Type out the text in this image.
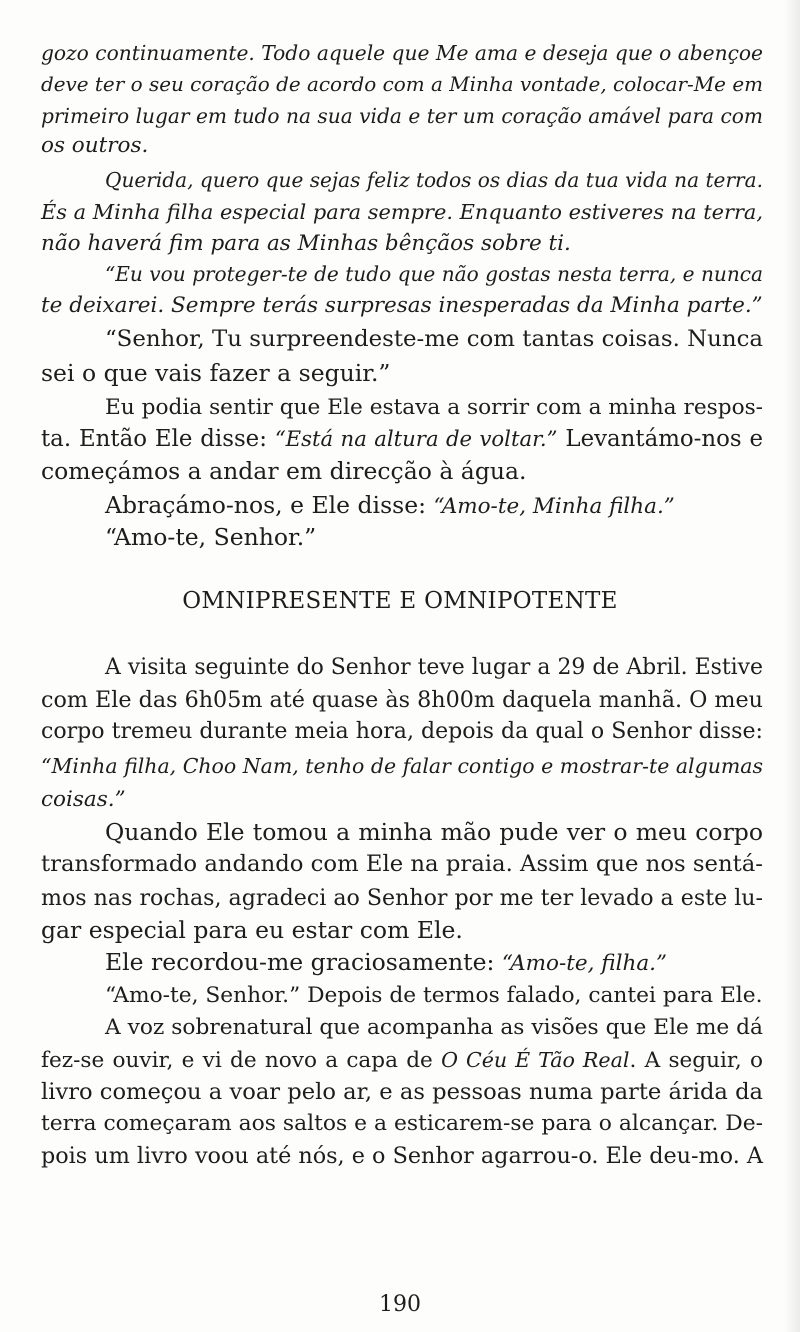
gozo continuamente. Todo aquele que Me ama e deseja que o abençoe
deve ter o seu coração de acordo com a Minha vontade, colocar-Me em
primeiro lugar em tudo na sua vida e ter um coração amável para com
os outros.
Querida, quero que sejas feliz todos os dias da tua vida na terra.
És a Minha filha especial para sempre. Enquanto estiveres na terra,
não haverá fim para as Minhas bênçãos sobre ti.
“Eu vou proteger-te de tudo que não gostas nesta terra, e nunca
te deixarei. Sempre terás surpresas inesperadas da Minha parte.”
“Senhor, Tu surpreendeste-me com tantas coisas. Nunca
sei o que vais fazer a seguir.”
Eu podia sentir que Ele estava a sorrir com a minha respos-
ta. Então Ele disse: “Está na altura de voltar.” Levantámo-nos e
começámos a andar em direcção à água.
Abraçámo-nos, e Ele disse: “Amo-te, Minha filha.”
“Amo-te, Senhor.”
A visita seguinte do Senhor teve lugar a 29 de Abril. Estive
com Ele das 6h05m até quase às 8h00m daquela manhã. O meu
corpo tremeu durante meia hora, depois da qual o Senhor disse:
“Minha filha, Choo Nam, tenho de falar contigo e mostrar-te algumas
coisas.”
Quando Ele tomou a minha mão pude ver o meu corpo
transformado andando com Ele na praia. Assim que nos sentá-
mos nas rochas, agradeci ao Senhor por me ter levado a este lu-
gar especial para eu estar com Ele.
Ele recordou-me graciosamente: “Amo-te, filha.”
“Amo-te, Senhor.” Depois de termos falado, cantei para Ele.
A voz sobrenatural que acompanha as visões que Ele me dá
fez-se ouvir, e vi de novo a capa de O Céu É Tão Real. A seguir, o
livro começou a voar pelo ar, e as pessoas numa parte árida da
terra começaram aos saltos e a esticarem-se para o alcançar. De-
pois um livro voou até nós, e o Senhor agarrou-o. Ele deu-mo. A
OMNIPRESENTE E OMNIPOTENTE
190
